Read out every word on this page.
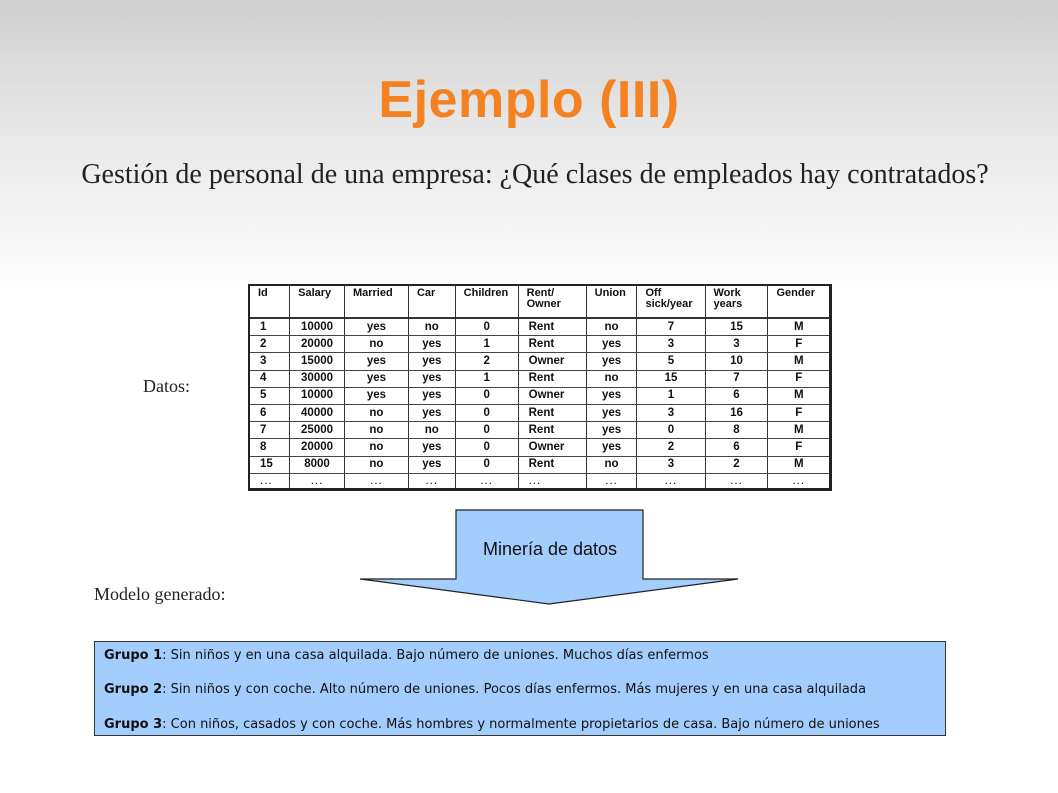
Ejemplo (III)
Gestión de personal de una empresa: ¿Qué clases de empleados hay contratados?
Datos:
Id	Salary	Married	Car	Children	Rent/ Owner	Union	Off sick/year	Work years	Gender
1	10000	yes	no	0	Rent	no	7	15	M
2	20000	no	yes	1	Rent	yes	3	3	F
3	15000	yes	yes	2	Owner	yes	5	10	M
4	30000	yes	yes	1	Rent	no	15	7	F
5	10000	yes	yes	0	Owner	yes	1	6	M
6	40000	no	yes	0	Rent	yes	3	16	F
7	25000	no	no	0	Rent	yes	0	8	M
8	20000	no	yes	0	Owner	yes	2	6	F
15	8000	no	yes	0	Rent	no	3	2	M
...	...	...	...	...	...	...	...	...	...
Minería de datos
Modelo generado:
Grupo 1: Sin niños y en una casa alquilada. Bajo número de uniones. Muchos días enfermos
Grupo 2: Sin niños y con coche. Alto número de uniones. Pocos días enfermos. Más mujeres y en una casa alquilada
Grupo 3: Con niños, casados y con coche. Más hombres y normalmente propietarios de casa. Bajo número de uniones
